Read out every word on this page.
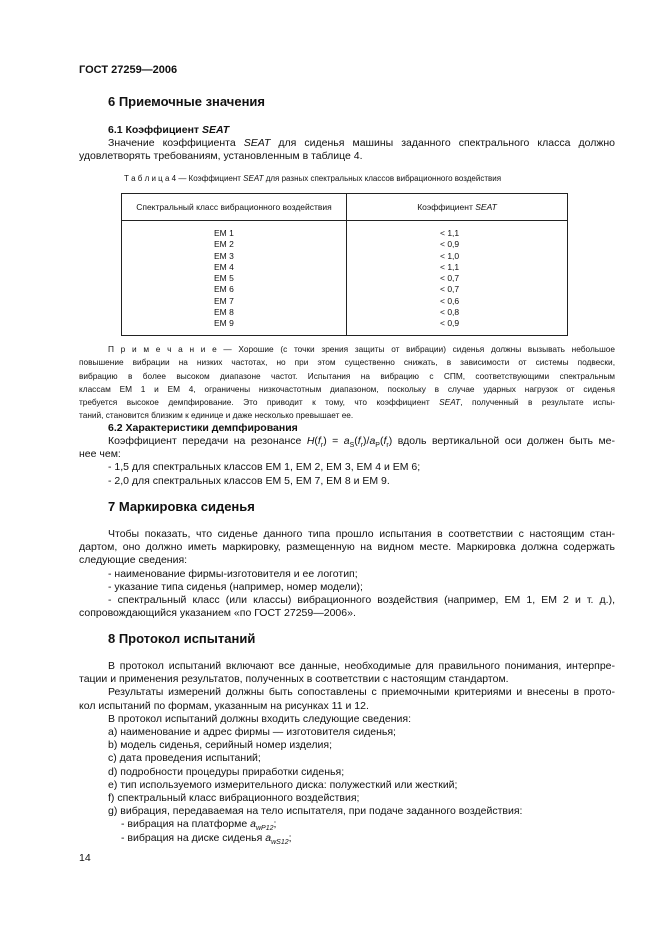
ГОСТ 27259—2006
6 Приемочные значения
6.1 Коэффициент SEAT
Значение коэффициента SEAT для сиденья машины заданного спектрального класса должно
удовлетворять требованиям, установленным в таблице 4.
Т а б л и ц а 4 — Коэффициент SEAT для разных спектральных классов вибрационного воздействия
Спектральный класс вибрационного воздействия	Коэффициент SEAT
ЕМ 1	< 1,1
ЕМ 2	< 0,9
ЕМ 3	< 1,0
ЕМ 4	< 1,1
ЕМ 5	< 0,7
ЕМ 6	< 0,7
ЕМ 7	< 0,6
ЕМ 8	< 0,8
ЕМ 9	< 0,9
П р и м е ч а н и е — Хорошие (с точки зрения защиты от вибрации) сиденья должны вызывать небольшое
повышение вибрации на низких частотах, но при этом существенно снижать, в зависимости от системы подвески,
вибрацию в более высоком диапазоне частот. Испытания на вибрацию с СПМ, соответствующими спектральным
классам ЕМ 1 и ЕМ 4, ограничены низкочастотным диапазоном, поскольку в случае ударных нагрузок от сиденья
требуется высокое демпфирование. Это приводит к тому, что коэффициент SEAT, полученный в результате испы-
таний, становится близким к единице и даже несколько превышает ее.
6.2 Характеристики демпфирования
Коэффициент передачи на резонансе $H(f_r) = a_S(f_r)/a_P(f_r)$ вдоль вертикальной оси должен быть ме-
нее чем:
- 1,5 для спектральных классов ЕМ 1, ЕМ 2, ЕМ 3, ЕМ 4 и ЕМ 6;
- 2,0 для спектральных классов ЕМ 5, ЕМ 7, ЕМ 8 и ЕМ 9.
7 Маркировка сиденья
Чтобы показать, что сиденье данного типа прошло испытания в соответствии с настоящим стан-
дартом, оно должно иметь маркировку, размещенную на видном месте. Маркировка должна содержать
следующие сведения:
- наименование фирмы-изготовителя и ее логотип;
- указание типа сиденья (например, номер модели);
- спектральный класс (или классы) вибрационного воздействия (например, ЕМ 1, ЕМ 2 и т. д.),
сопровождающийся указанием «по ГОСТ 27259—2006».
8 Протокол испытаний
В протокол испытаний включают все данные, необходимые для правильного понимания, интерпре-
тации и применения результатов, полученных в соответствии с настоящим стандартом.
Результаты измерений должны быть сопоставлены с приемочными критериями и внесены в прото-
кол испытаний по формам, указанным на рисунках 11 и 12.
В протокол испытаний должны входить следующие сведения:
a) наименование и адрес фирмы — изготовителя сиденья;
b) модель сиденья, серийный номер изделия;
c) дата проведения испытаний;
d) подробности процедуры приработки сиденья;
e) тип используемого измерительного диска: полужесткий или жесткий;
f) спектральный класс вибрационного воздействия;
g) вибрация, передаваемая на тело испытателя, при подаче заданного воздействия:
- вибрация на платформе $a_{wP12}$;
- вибрация на диске сиденья $a_{wS12}$;
14
